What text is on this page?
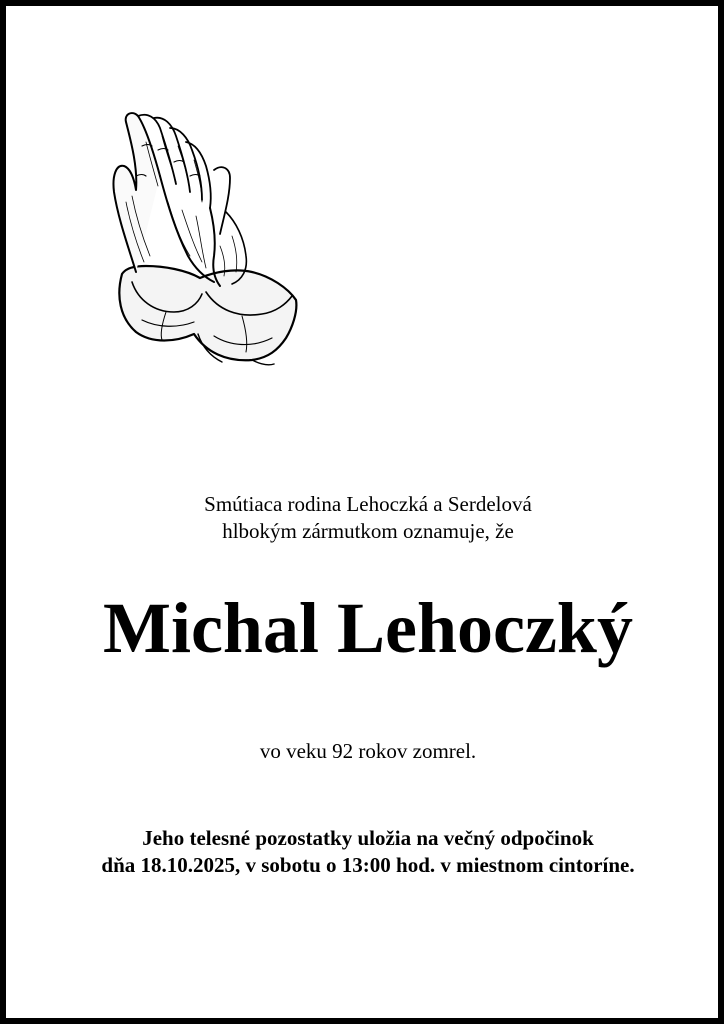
Smútiaca rodina Lehoczká a Serdelová
hlbokým zármutkom oznamuje, že
Michal Lehoczký
vo veku 92 rokov zomrel.
Jeho telesné pozostatky uložia na večný odpočinok
dňa 18.10.2025, v sobotu o 13:00 hod. v miestnom cintoríne.
